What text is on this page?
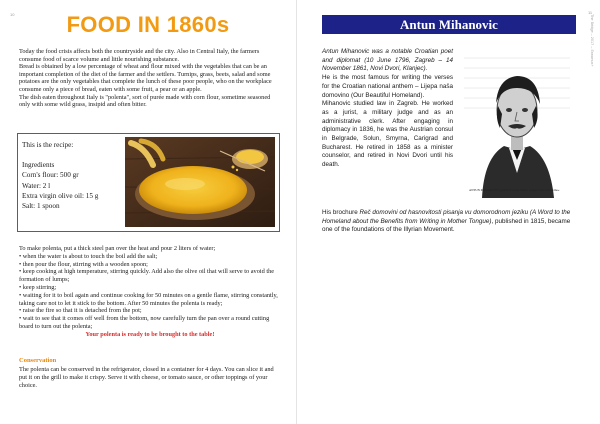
10	FOOD IN 1860s

Today the food crisis affects both the countryside and the city. Also in Central Italy, the farmers consume food of scarce volume and little nourishing substance.

Bread is obtained by a low percentage of wheat and flour mixed with the vegetables that can be an important completion of the diet of the farmer and the settlers. Turnips, grass, beets, salad and some potatoes are the only vegetables that complete the lunch of these poor people, who on the workplace consume only a piece of bread, eaten with some fruit, a pear or an apple.

The dish eaten throughout Italy is "polenta", sort of purée made with corn flour, sometime seasoned only with some wild grass, insipid and often bitter.

This is the recipe:
Ingredients
Corn's flour: 500 gr
Water: 2 l
Extra virgin olive oil: 15 g
Salt: 1 spoon
To make polenta, put a thick steel pan over the heat and pour 2 liters of water;
• when the water is about to touch the boil add the salt;
• then pour the flour, stirring with a wooden spoon;
• keep cooking at high temperature, stirring quickly. Add also the olive oil that will serve to avoid the formation of lumps;
• keep stirring;
• waiting for it to boil again and continue cooking for 50 minutes on a gentle flame, stirring constantly, taking care not to let it stick to the bottom. After 50 minutes the polenta is ready;
• raise the fire so that it is detached from the pot;
• wait to see that it comes off well from the bottom, now carefully turn the pan over a round cutting board to turn out the polenta;
Your polenta is ready to be brought to the table!
Conservation
The polenta can be conserved in the refrigerator, closed in a container for 4 days. You can slice it and put it on the grill to make it crispy. Serve it with cheese, or tomato sauce, or other toppings of your choice.
Antun Mihanovic	The Bridge – 2017 – Erasmus+
11

Antun Mihanovic was a notable Croatian poet and diplomat (10 June 1796, Zagreb – 14 November 1861, Novi Dvori, Klanjec).

He is the most famous for writing the verses for the Croatian national anthem – Lijepa naša domovino (Our Beautiful Homeland).

Mihanovic studied law in Zagreb. He worked as a jurist, a military judge and as an administrative clerk. After engaging in diplomacy in 1836, he was the Austrian consul in Belgrade, Solun, Smyrna, Carigrad and Bucharest. He retired in 1858 as a minister counselor, and retired in Novi Dvori until his death.

ANTUN MIHANOVIĆ pjesnik hrvatske himne »Lijepa naša domovino«
His brochure Reč domovini od hasnovitosti pisanja vu domorodnom jeziku (A Word to the Homeland about the Benefits from Writing in Mother Tongue), published in 1815, became one of the foundations of the Illyrian Movement.
